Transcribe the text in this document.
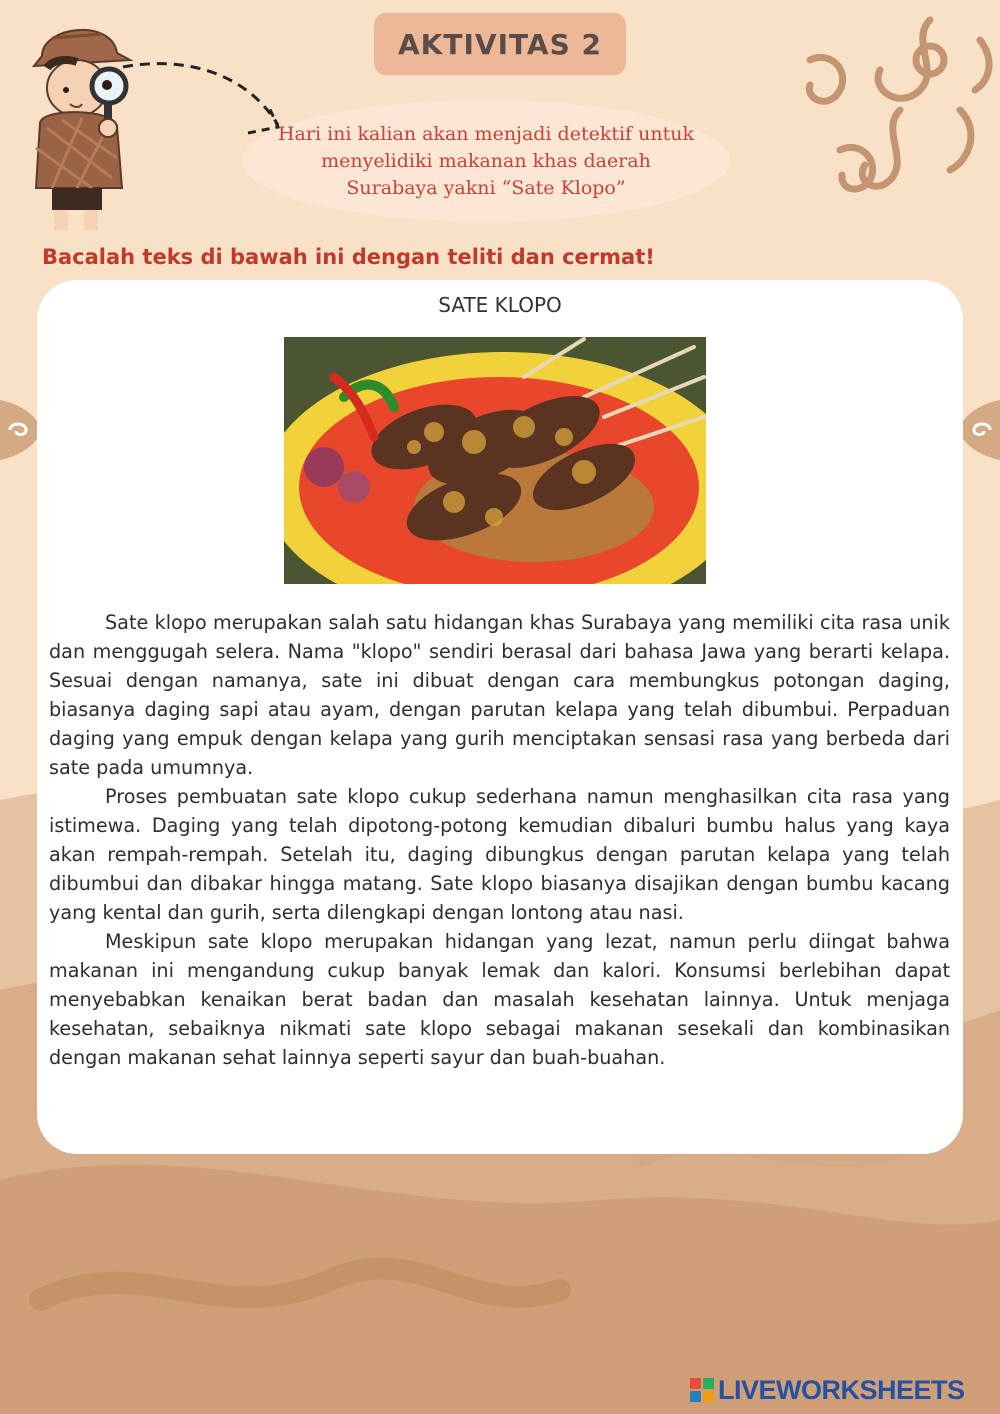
AKTIVITAS 2
Hari ini kalian akan menjadi detektif untuk menyelidiki makanan khas daerah Surabaya yakni “Sate Klopo”
Bacalah teks di bawah ini dengan teliti dan cermat!
SATE KLOPO

Sate klopo merupakan salah satu hidangan khas Surabaya yang memiliki cita rasa unik dan menggugah selera. Nama "klopo" sendiri berasal dari bahasa Jawa yang berarti kelapa. Sesuai dengan namanya, sate ini dibuat dengan cara membungkus potongan daging, biasanya daging sapi atau ayam, dengan parutan kelapa yang telah dibumbui. Perpaduan daging yang empuk dengan kelapa yang gurih menciptakan sensasi rasa yang berbeda dari sate pada umumnya.

Proses pembuatan sate klopo cukup sederhana namun menghasilkan cita rasa yang istimewa. Daging yang telah dipotong-potong kemudian dibaluri bumbu halus yang kaya akan rempah-rempah. Setelah itu, daging dibungkus dengan parutan kelapa yang telah dibumbui dan dibakar hingga matang. Sate klopo biasanya disajikan dengan bumbu kacang yang kental dan gurih, serta dilengkapi dengan lontong atau nasi.

Meskipun sate klopo merupakan hidangan yang lezat, namun perlu diingat bahwa makanan ini mengandung cukup banyak lemak dan kalori. Konsumsi berlebihan dapat menyebabkan kenaikan berat badan dan masalah kesehatan lainnya. Untuk menjaga kesehatan, sebaiknya nikmati sate klopo sebagai makanan sesekali dan kombinasikan dengan makanan sehat lainnya seperti sayur dan buah-buahan.

LIVEWORKSHEETS
